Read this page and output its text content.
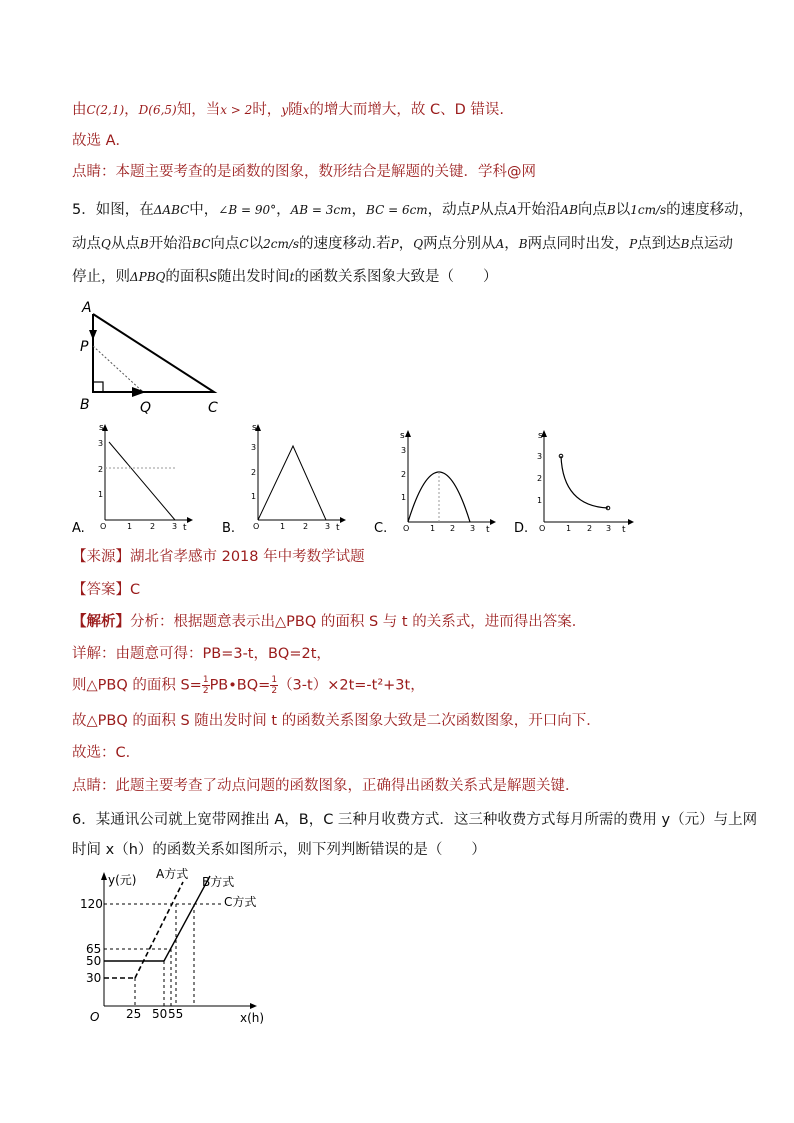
由C(2,1)，D(6,5)知，当x > 2时，y随x的增大而增大，故 C、D 错误.
故选 A．
点睛：本题主要考查的是函数的图象，数形结合是解题的关键．学科@网
5．如图，在ΔABC中，∠B = 90°，AB = 3cm，BC = 6cm，动点P从点A开始沿AB向点B以1cm/s的速度移动，
动点Q从点B开始沿BC向点C以2cm/s的速度移动.若P，Q两点分别从A，B两点同时出发，P点到达B点运动
停止，则ΔPBQ的面积S随出发时间t的函数关系图象大致是（　　）
A
P
B	Q	C
s
3
2
1
O	1 2 3 t
A.
s
3
2
1
O	1 2 3 t
B.
s
3
2
1
O	1 2 3 t
C.
s
3
2
1
O	1 2 3 t
D.
【来源】湖北省孝感市 2018 年中考数学试题
【答案】C
【解析】分析：根据题意表示出△PBQ 的面积 S 与 t 的关系式，进而得出答案．
详解：由题意可得：PB=3-t，BQ=2t，
则△PBQ 的面积 $S= \frac{1}{2}$ PB•BQ= $\frac{1}{2} (3-t)\times 2t=-t^2+3t$，
故△PBQ 的面积 S 随出发时间 t 的函数关系图象大致是二次函数图象，开口向下．
故选：C．
点睛：此题主要考查了动点问题的函数图象，正确得出函数关系式是解题关键．
6．某通讯公司就上宽带网推出 A，B，C 三种月收费方式．这三种收费方式每月所需的费用 y（元）与上网
时间 x（h）的函数关系如图所示，则下列判断错误的是（　　）
y(元) A方式
B方式
C方式
120
65
50
30
O 25 50 55	x(h)
